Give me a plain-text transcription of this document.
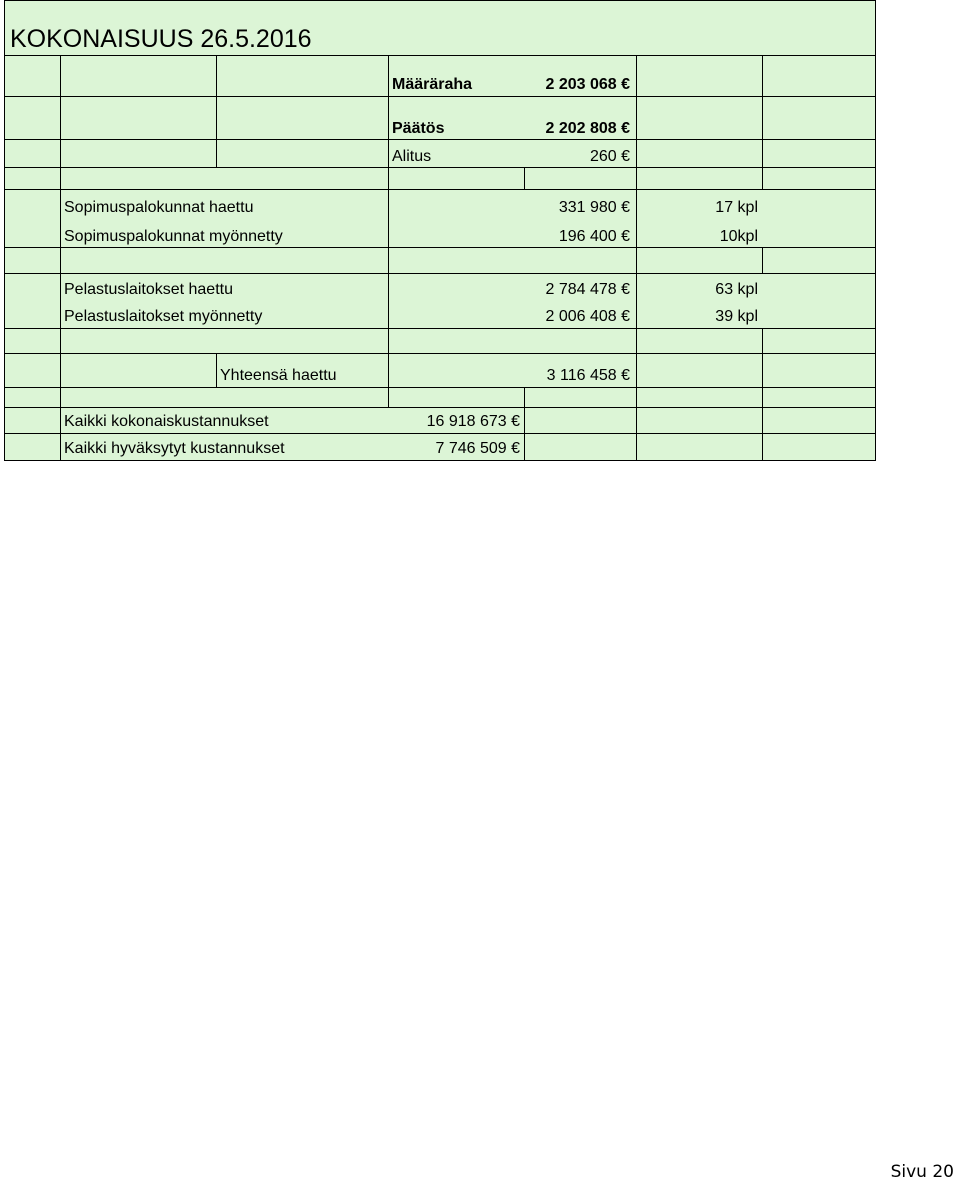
KOKONAISUUS 26.5.2016
Määräraha	2 203 068 €
Päätös	2 202 808 €
Alitus	260 €
Sopimuspalokunnat haettu	331 980 €	17 kpl
Sopimuspalokunnat myönnetty	196 400 €	10kpl
Pelastuslaitokset haettu	2 784 478 €	63 kpl
Pelastuslaitokset myönnetty	2 006 408 €	39 kpl
Yhteensä haettu	3 116 458 €
Kaikki kokonaiskustannukset	16 918 673 €
Kaikki hyväksytyt kustannukset	7 746 509 €
Sivu 20
